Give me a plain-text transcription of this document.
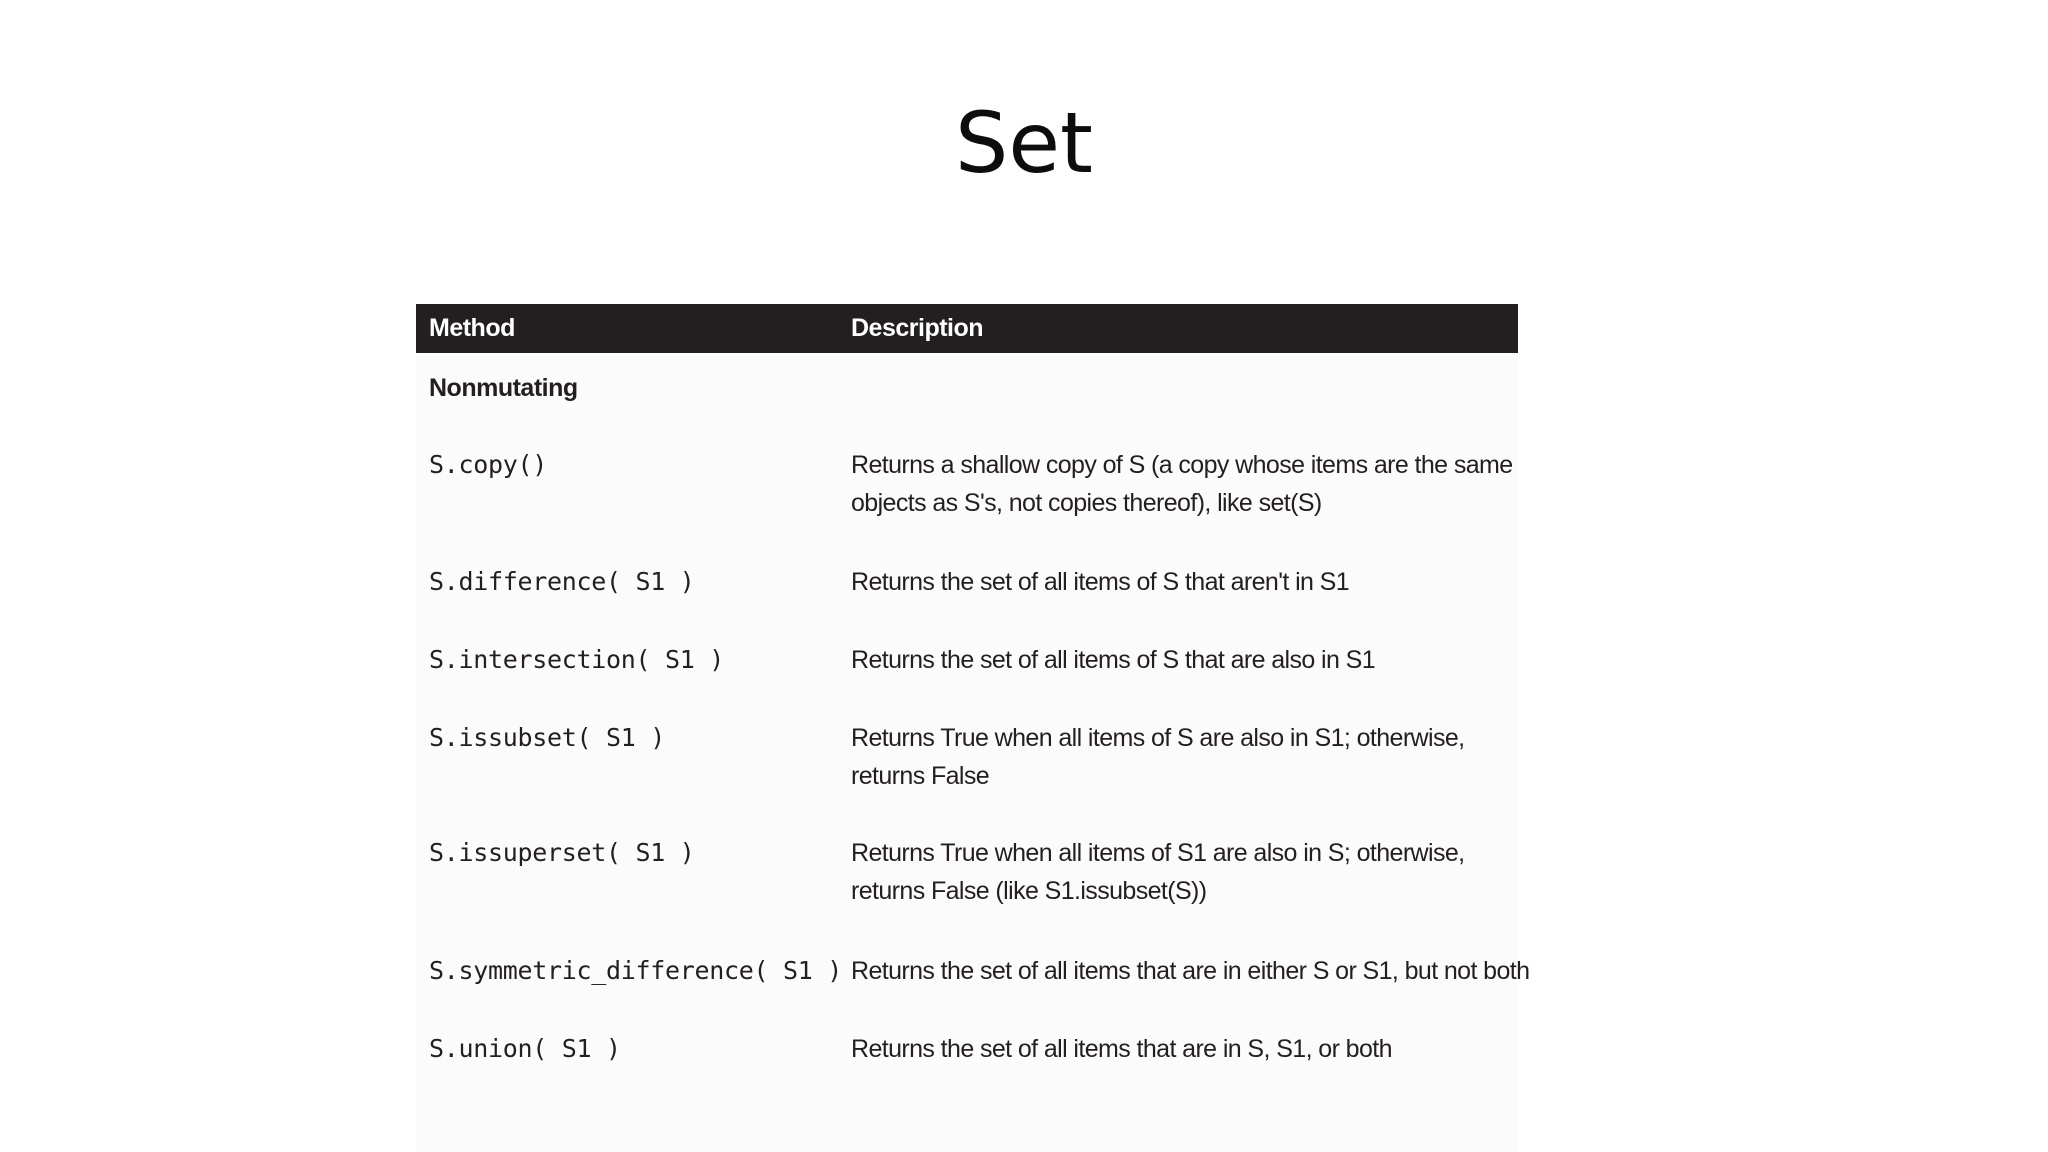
Set
Method	Description
Nonmutating
S.copy()	Returns a shallow copy of S (a copy whose items are the same
objects as S's, not copies thereof), like set(S)
S.difference( S1 )	Returns the set of all items of S that aren't in S1
S.intersection( S1 )	Returns the set of all items of S that are also in S1
S.issubset( S1 )	Returns True when all items of S are also in S1; otherwise,
returns False
S.issuperset( S1 )	Returns True when all items of S1 are also in S; otherwise,
returns False (like S1.issubset(S))
S.symmetric_difference( S1 ) Returns the set of all items that are in either S or S1, but not both
S.union( S1 )	Returns the set of all items that are in S, S1, or both
